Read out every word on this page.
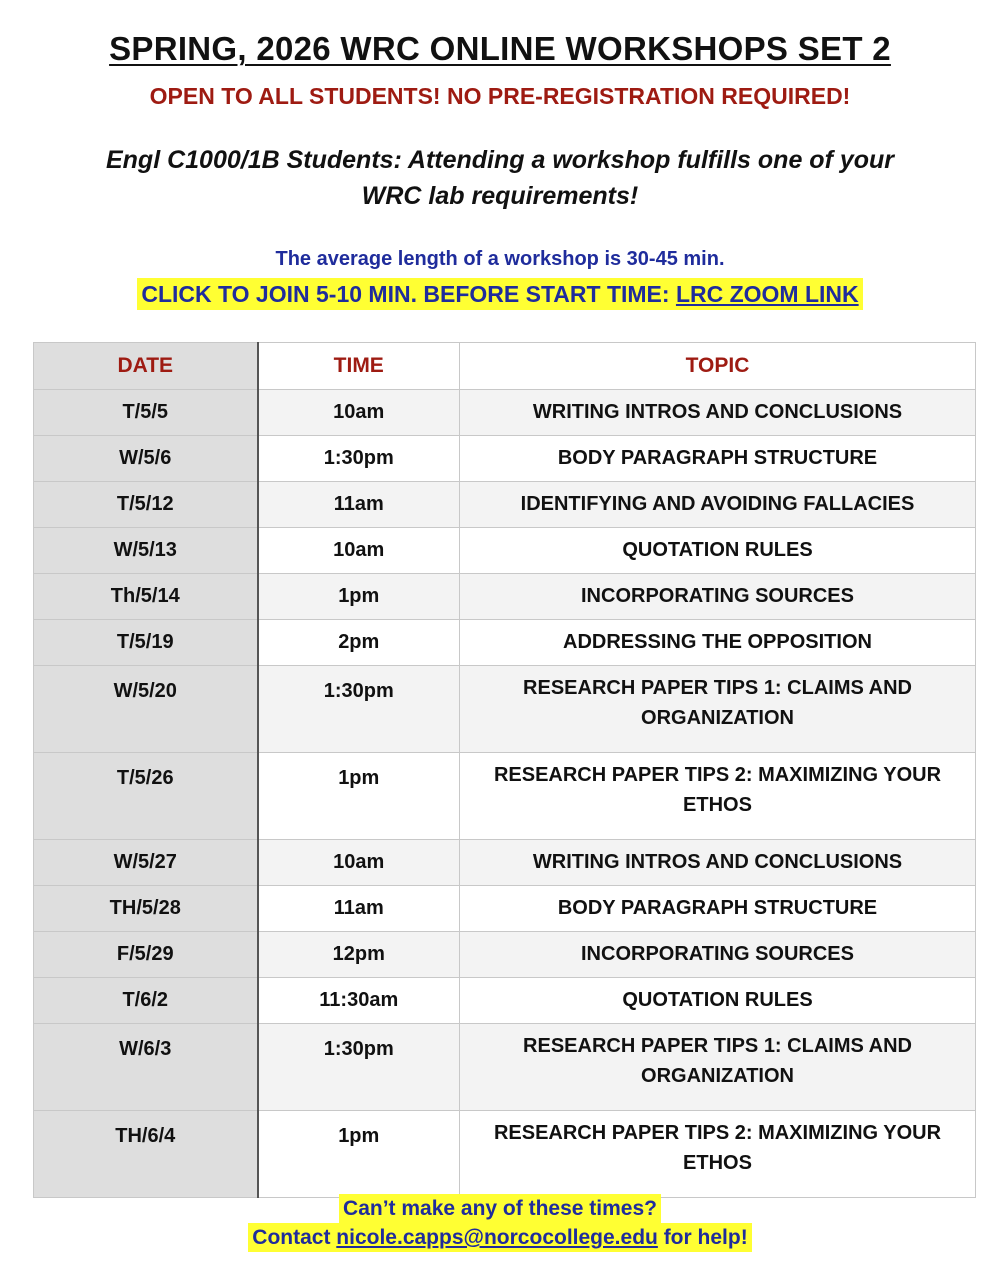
SPRING, 2026 WRC ONLINE WORKSHOPS SET 2
OPEN TO ALL STUDENTS! NO PRE-REGISTRATION REQUIRED!
Engl C1000/1B Students: Attending a workshop fulfills one of your
WRC lab requirements!
The average length of a workshop is 30-45 min.
CLICK TO JOIN 5-10 MIN. BEFORE START TIME: LRC ZOOM LINK
DATE	TIME	TOPIC
T/5/5	10am	WRITING INTROS AND CONCLUSIONS
W/5/6	1:30pm	BODY PARAGRAPH STRUCTURE
T/5/12	11am	IDENTIFYING AND AVOIDING FALLACIES
W/5/13	10am	QUOTATION RULES
Th/5/14	1pm	INCORPORATING SOURCES
T/5/19	2pm	ADDRESSING THE OPPOSITION
W/5/20	1:30pm	RESEARCH PAPER TIPS 1: CLAIMS AND ORGANIZATION
T/5/26	1pm	RESEARCH PAPER TIPS 2: MAXIMIZING YOUR ETHOS
W/5/27	10am	WRITING INTROS AND CONCLUSIONS
TH/5/28	11am	BODY PARAGRAPH STRUCTURE
F/5/29	12pm	INCORPORATING SOURCES
T/6/2	11:30am	QUOTATION RULES
W/6/3	1:30pm	RESEARCH PAPER TIPS 1: CLAIMS AND ORGANIZATION
TH/6/4	1pm	RESEARCH PAPER TIPS 2: MAXIMIZING YOUR ETHOS
Can’t make any of these times?
Contact nicole.capps@norcocollege.edu for help!
